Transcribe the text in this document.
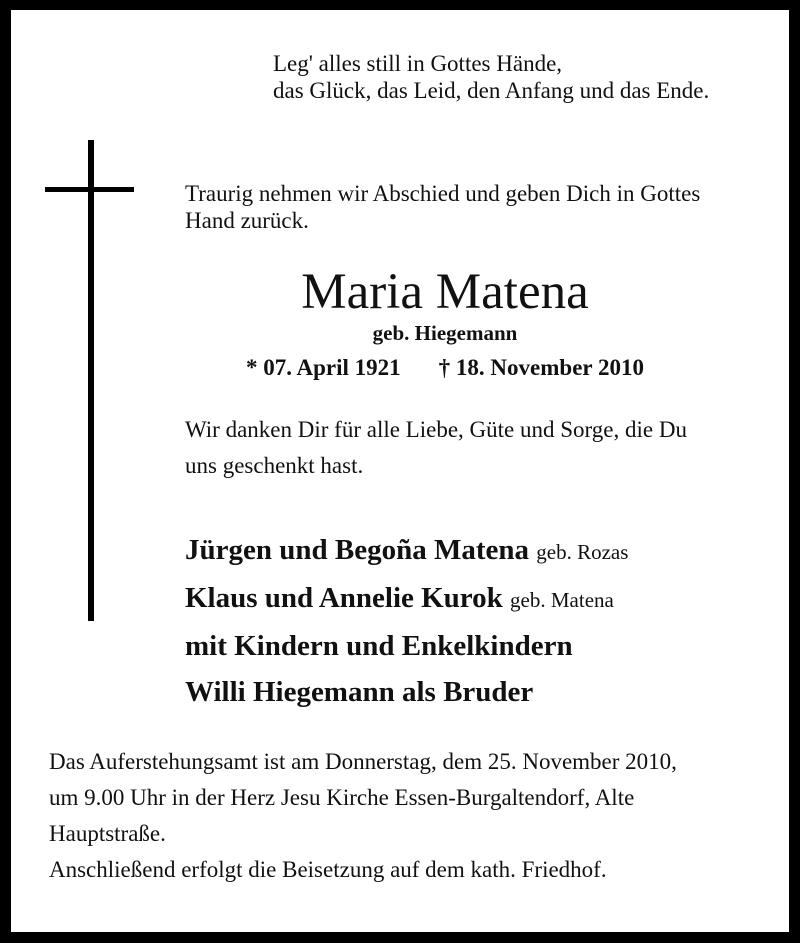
Leg' alles still in Gottes Hände,
das Glück, das Leid, den Anfang und das Ende.
Traurig nehmen wir Abschied und geben Dich in Gottes
Hand zurück.
Maria Matena
geb. Hiegemann
* 07. April 1921 † 18. November 2010
Wir danken Dir für alle Liebe, Güte und Sorge, die Du
uns geschenkt hast.
Jürgen und Begoña Matena geb. Rozas
Klaus und Annelie Kurok geb. Matena
mit Kindern und Enkelkindern
Willi Hiegemann als Bruder
Das Auferstehungsamt ist am Donnerstag, dem 25. November 2010,
um 9.00 Uhr in der Herz Jesu Kirche Essen-Burgaltendorf, Alte
Hauptstraße.
Anschließend erfolgt die Beisetzung auf dem kath. Friedhof.
